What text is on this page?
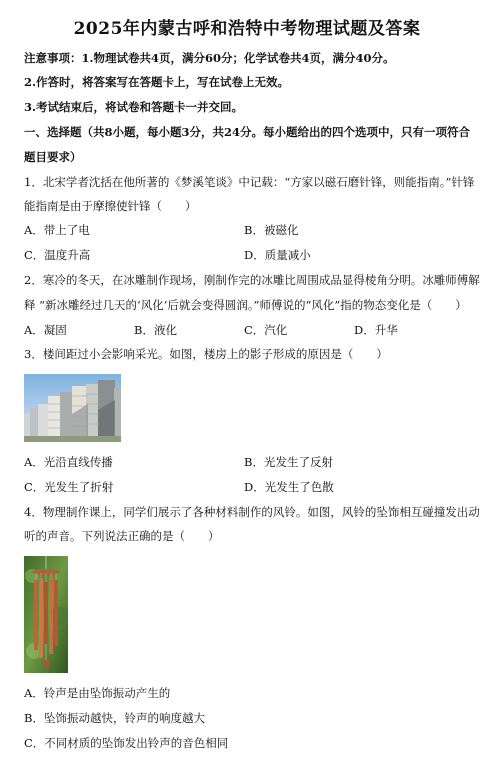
2025年内蒙古呼和浩特中考物理试题及答案
注意事项：1.物理试卷共4页，满分60分；化学试卷共4页，满分40分。
2.作答时，将答案写在答题卡上，写在试卷上无效。
3.考试结束后，将试卷和答题卡一并交回。
一、选择题（共8小题，每小题3分，共24分。每小题给出的四个选项中，只有一项符合
题目要求）
1．北宋学者沈括在他所著的《梦溪笔谈》中记载：“方家以磁石磨针锋，则能指南。”针锋
能指南是由于摩擦使针锋（　　）
A．带上了电	B．被磁化
C．温度升高	D．质量减小
2．寒冷的冬天，在冰雕制作现场，刚制作完的冰雕比周围成品显得棱角分明。冰雕师傅解
释 “新冰雕经过几天的‘风化’后就会变得圆润。”师傅说的“风化”指的物态变化是（　　）
A．凝固	B．液化	C．汽化	D．升华
3．楼间距过小会影响采光。如图，楼房上的影子形成的原因是（　　）
A．光沿直线传播	B．光发生了反射
C．光发生了折射	D．光发生了色散
4．物理制作课上，同学们展示了各种材料制作的风铃。如图，风铃的坠饰相互碰撞发出动
听的声音。下列说法正确的是（　　）
A．铃声是由坠饰振动产生的
B．坠饰振动越快，铃声的响度越大
C．不同材质的坠饰发出铃声的音色相同
